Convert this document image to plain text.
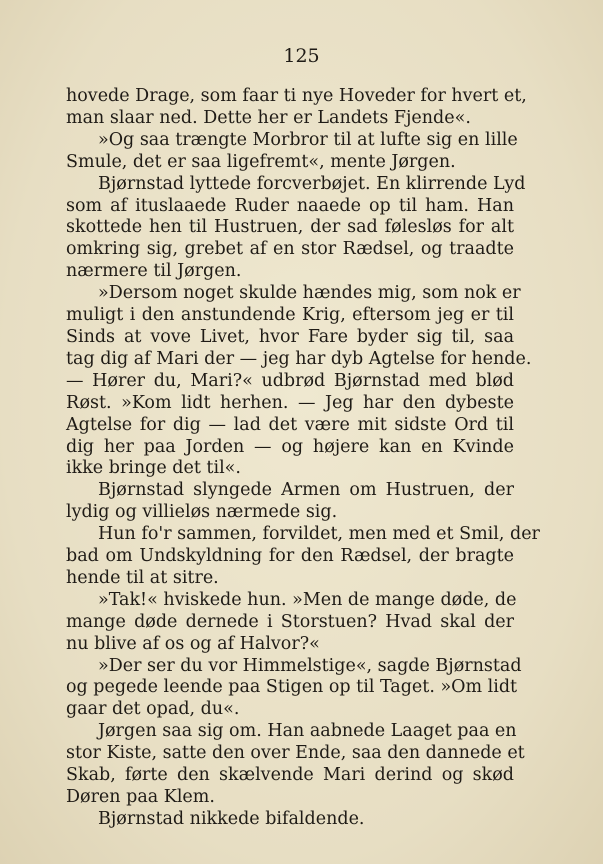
125
hovede Drage, som faar ti nye Hoveder for hvert et,
man slaar ned. Dette her er Landets Fjende«.
»Og saa trængte Morbror til at lufte sig en lille
Smule, det er saa ligefremt«, mente Jørgen.
Bjørnstad lyttede forcverbøjet. En klirrende Lyd
som af ituslaaede Ruder naaede op til ham. Han
skottede hen til Hustruen, der sad følesløs for alt
omkring sig, grebet af en stor Rædsel, og traadte
nærmere til Jørgen.
»Dersom noget skulde hændes mig, som nok er
muligt i den anstundende Krig, eftersom jeg er til
Sinds at vove Livet, hvor Fare byder sig til, saa
tag dig af Mari der — jeg har dyb Agtelse for hende.
— Hører du, Mari?« udbrød Bjørnstad med blød
Røst. »Kom lidt herhen. — Jeg har den dybeste
Agtelse for dig — lad det være mit sidste Ord til
dig her paa Jorden — og højere kan en Kvinde
ikke bringe det til«.
Bjørnstad slyngede Armen om Hustruen, der
lydig og villieløs nærmede sig.
Hun fo'r sammen, forvildet, men med et Smil, der
bad om Undskyldning for den Rædsel, der bragte
hende til at sitre.
»Tak!« hviskede hun. »Men de mange døde, de
mange døde dernede i Storstuen? Hvad skal der
nu blive af os og af Halvor?«
»Der ser du vor Himmelstige«, sagde Bjørnstad
og pegede leende paa Stigen op til Taget. »Om lidt
gaar det opad, du«.
Jørgen saa sig om. Han aabnede Laaget paa en
stor Kiste, satte den over Ende, saa den dannede et
Skab, førte den skælvende Mari derind og skød
Døren paa Klem.
Bjørnstad nikkede bifaldende.
